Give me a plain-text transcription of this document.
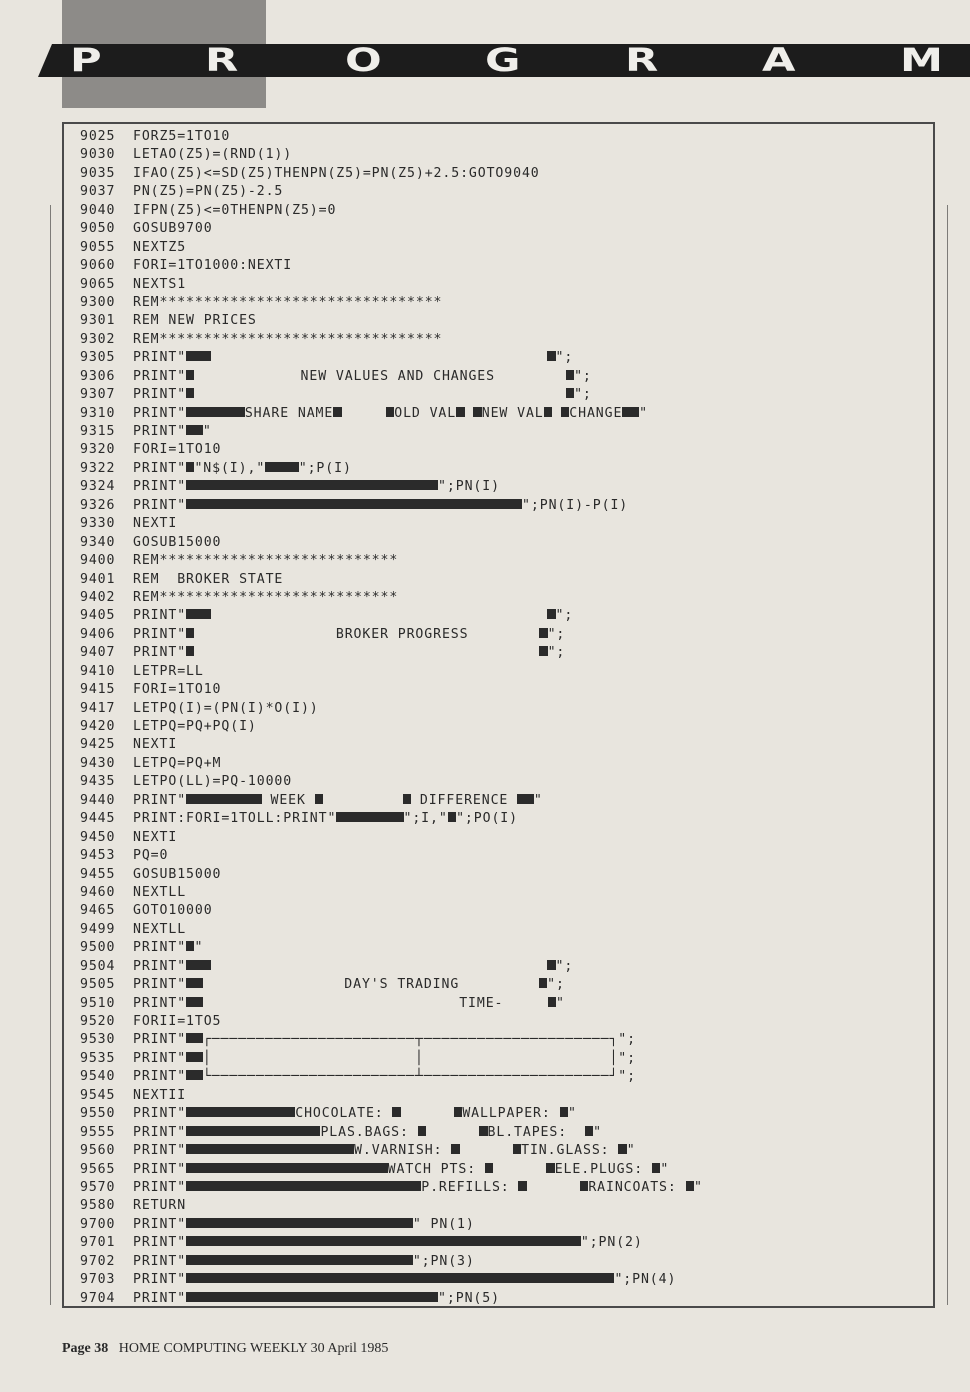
P	R	O	G	R	A	M
9025	FORZ5=1TO10
9030	LETAO(Z5)=(RND(1))
9035	IFAO(Z5)<=SD(Z5)THENPN(Z5)=PN(Z5)+2.5:GOTO9040
9037	PN(Z5)=PN(Z5)-2.5
9040	IFPN(Z5)<=0THENPN(Z5)=0
9050	GOSUB9700
9055	NEXTZ5
9060	FORI=1TO1000:NEXTI
9065	NEXTS1
9300	REM********************************
9301	REM NEW PRICES
9302	REM********************************
9305	PRINT"	";
9306	PRINT"            NEW VALUES AND CHANGES        ";
9307	PRINT"	";
9310	PRINT"	SHARE NAME	OLD VAL NEW VAL CHANGE "
9315	PRINT" "
9320	FORI=1TO10
9322	PRINT" "N$(I),"	";P(I)
9324	PRINT"	";PN(I)
9326	PRINT"	";PN(I)-P(I)
9330	NEXTI
9340	GOSUB15000
9400	REM***************************
9401	REM  BROKER STATE
9402	REM***************************
9405	PRINT"	";
9406	PRINT"                BROKER PROGRESS        ";
9407	PRINT"	";
9410	LETPR=LL
9415	FORI=1TO10
9417	LETPQ(I)=(PN(I)*O(I))
9420	LETPQ=PQ+PQ(I)
9425	NEXTI
9430	LETPQ=PQ+M
9435	LETPO(LL)=PQ-10000
9440	PRINT"	WEEK	DIFFERENCE "
9445	PRINT:FORI=1TOLL:PRINT"	";I," ";PO(I)
9450	NEXTI
9453	PQ=0
9455	GOSUB15000
9460	NEXTLL
9465	GOTO10000
9499	NEXTLL
9500	PRINT" "
9504	PRINT"	";
9505	PRINT"                DAY'S TRADING         ";
9510	PRINT"                             TIME-     "
9520	FORII=1TO5
9530	PRINT" ┌───────────────────────┬─────────────────────┐";
9535	PRINT" │                       │                     │";
9540	PRINT" └───────────────────────┴─────────────────────┘";
9545	NEXTII
9550	PRINT"	CHOCOLATE:	WALLPAPER: "
9555	PRINT"	PLAS.BAGS:	BL.TAPES:  "
9560	PRINT"	W.VARNISH:	TIN.GLASS: "
9565	PRINT"	WATCH PTS:	ELE.PLUGS: "
9570	PRINT"	P.REFILLS:	RAINCOATS: "
9580	RETURN
9700	PRINT"	" PN(1)
9701	PRINT"	";PN(2)
9702	PRINT"	";PN(3)
9703	PRINT"	";PN(4)
9704	PRINT"	";PN(5)
Page 38 HOME COMPUTING WEEKLY 30 April 1985
